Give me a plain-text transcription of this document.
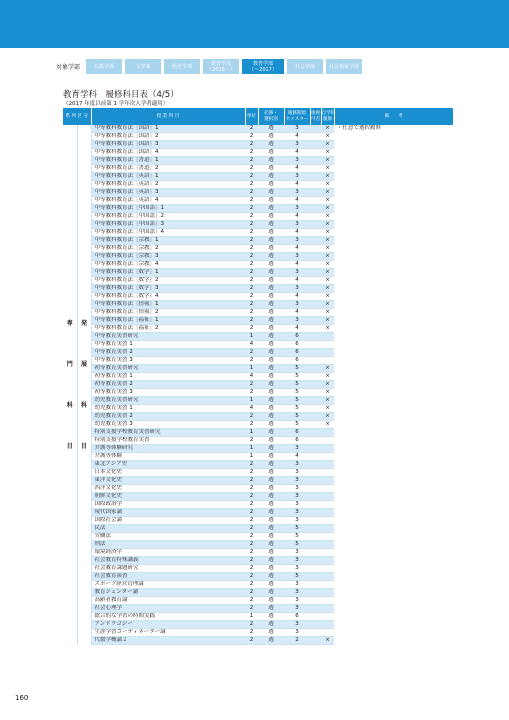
対象学部	仏教学部	文学部	歴史学部	教育学部
（2018～）
教育学部
（～2017）	社会学部	社会福祉学部
教育学科　履修科目表（4/5）
（2017 年度以前第 1 学年次入学者適用）
系 列 区 分		授 業 科 目	単位	必修・
選択別	履修開始
セメスター	重複
可否	自学科
履修	備　　考

専
門
科
目	発
展
科
目	中等教科教育法［国語］1	2	選	3		×	・任意で選択履修
		中等教科教育法［国語］2	2	選	4		×	
		中等教科教育法［国語］3	2	選	3		×	
		中等教科教育法［国語］4	2	選	4		×	
		中等教科教育法［書道］1	2	選	3		×	
		中等教科教育法［書道］2	2	選	4		×	
		中等教科教育法［英語］1	2	選	3		×	
		中等教科教育法［英語］2	2	選	4		×	
		中等教科教育法［英語］3	2	選	3		×	
		中等教科教育法［英語］4	2	選	4		×	
		中等教科教育法［中国語］1	2	選	3		×	
		中等教科教育法［中国語］2	2	選	4		×	
		中等教科教育法［中国語］3	2	選	3		×	
		中等教科教育法［中国語］4	2	選	4		×	
		中等教科教育法［宗教］1	2	選	3		×	
		中等教科教育法［宗教］2	2	選	4		×	
		中等教科教育法［宗教］3	2	選	3		×	
		中等教科教育法［宗教］4	2	選	4		×	
		中等教科教育法［数学］1	2	選	3		×	
		中等教科教育法［数学］2	2	選	4		×	
		中等教科教育法［数学］3	2	選	3		×	
		中等教科教育法［数学］4	2	選	4		×	
		中等教科教育法［情報］1	2	選	3		×	
		中等教科教育法［情報］2	2	選	4		×	
		中等教科教育法［福祉］1	2	選	3		×	
		中等教科教育法［福祉］2	2	選	4		×	
		中等教育実習研究	1	選	6			
		中等教育実習 1	4	選	6			
		中等教育実習 2	2	選	6			
		中等教育実習 3	2	選	6			
		初等教育実習研究	1	選	5		×	
		初等教育実習 1	4	選	5		×	
		初等教育実習 2	2	選	5		×	
		初等教育実習 3	2	選	5		×	
		幼児教育実習研究	1	選	5		×	
		幼児教育実習 1	4	選	5		×	
		幼児教育実習 2	2	選	5		×	
		幼児教育実習 3	2	選	5		×	
		特別支援学校教育実習研究	1	選	6			
		特別支援学校教育実習	2	選	6			
		介護等体験研究	1	選	3			
		介護等体験	1	選	4			
		東北アジア史	2	選	3			
		日本文化史	2	選	3			
		東洋文化史	2	選	3			
		西洋文化史	2	選	3			
		朝鮮文化史	2	選	3			
		国際政治学	2	選	3			
		現代国家論	2	選	3			
		国際社会論	2	選	3			
		民法	2	選	5			
		労働法	2	選	5			
		刑法	2	選	5			
		環境経済学	2	選	3			
		社会教育特殊講義	2	選	3			
		社会教育課題研究	2	選	3			
		社会教育演習	2	選	5			
		スポーツ経営管理論	2	選	3			
		教育ジェンダー論	2	選	3			
		高齢者教育論	2	選	3			
		社会心理学	2	選	3			
		総合的な学習の時間実践	1	選	6			
		アンドラゴジー	2	選	3			
		生涯学習コーディネーター論	2	選	3			
		代数学概論２	2	選	2		×	
160
